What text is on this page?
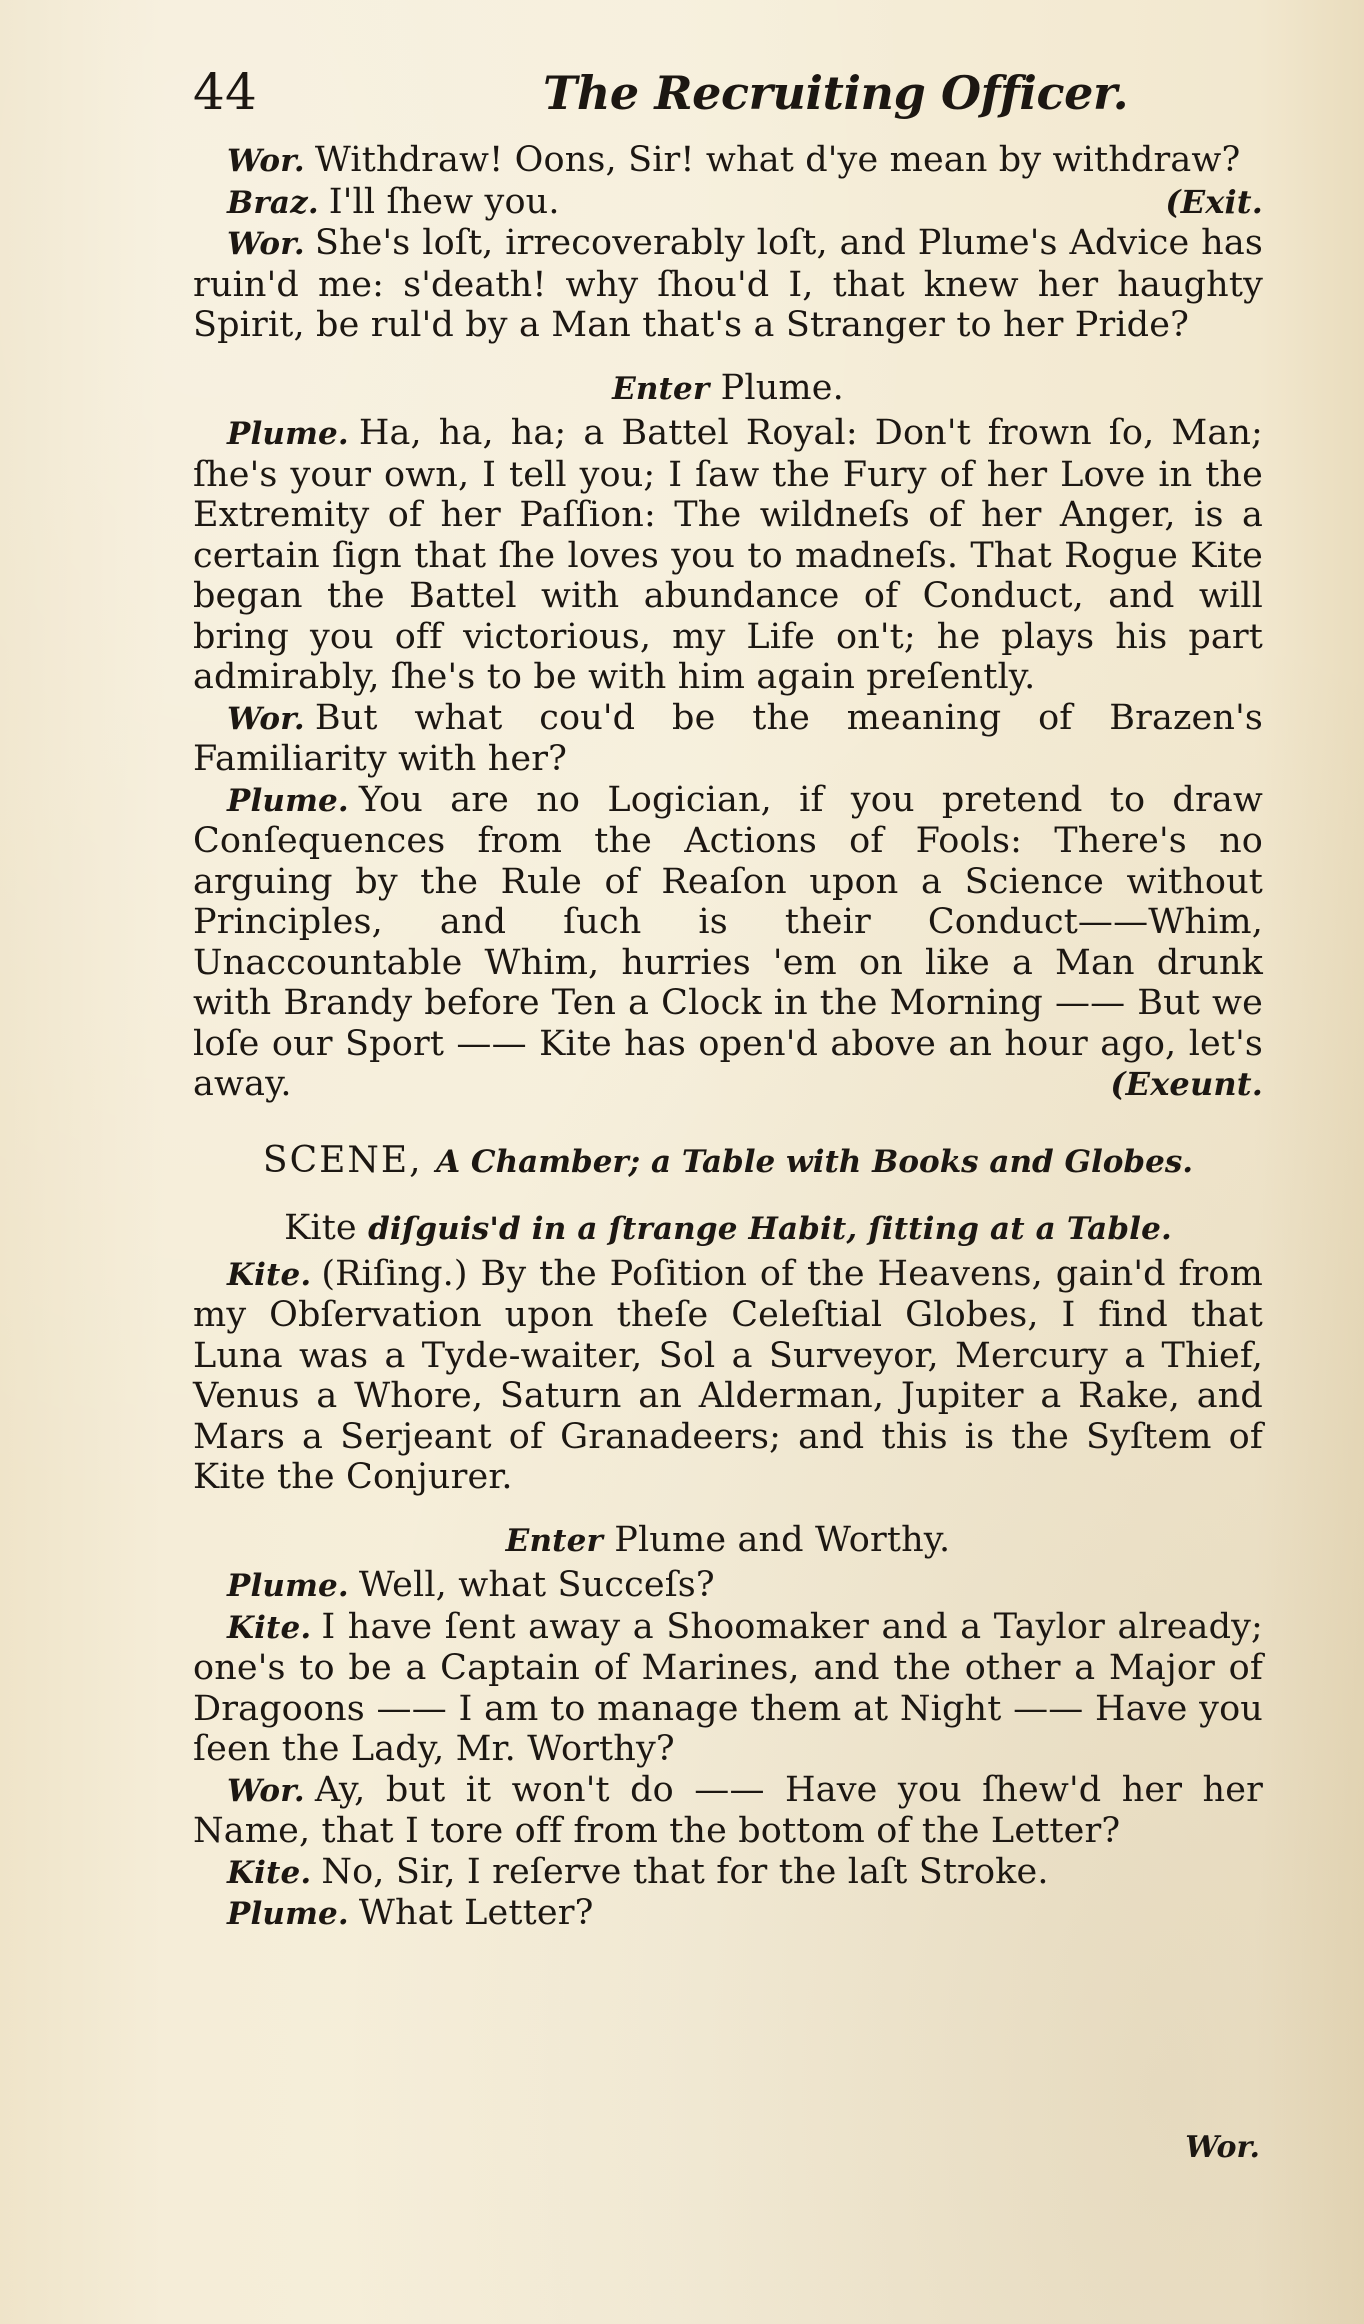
44	The Recruiting Officer.

Wor. Withdraw! Oons, Sir! what d'ye mean by withdraw?

Braz. I'll ſhew you.	(Exit.

Wor. She's loſt, irrecoverably loſt, and Plume's Advice has ruin'd me: s'death! why ſhou'd I, that knew her haughty Spirit, be rul'd by a Man that's a Stranger to her Pride?

Enter Plume.

Plume. Ha, ha, ha; a Battel Royal: Don't frown ſo, Man; ſhe's your own, I tell you; I ſaw the Fury of her Love in the Extremity of her Paſſion: The wildneſs of her Anger, is a certain ſign that ſhe loves you to madneſs. That Rogue Kite began the Battel with abundance of Conduct, and will bring you off victorious, my Life on't; he plays his part admirably, ſhe's to be with him again preſently.

Wor. But what cou'd be the meaning of Brazen's Familiarity with her?

Plume. You are no Logician, if you pretend to draw Conſequences from the Actions of Fools: There's no arguing by the Rule of Reaſon upon a Science without Principles, and ſuch is their Conduct——Whim, Unaccountable Whim, hurries 'em on like a Man drunk with Brandy before Ten a Clock in the Morning —— But we loſe our Sport —— Kite has open'd above an hour ago, let's away.	(Exeunt.

SCENE, A Chamber; a Table with Books and Globes.
Kite diſguis'd in a ſtrange Habit, ſitting at a Table.

Kite. (Riſing.) By the Poſition of the Heavens, gain'd from my Obſervation upon theſe Celeſtial Globes, I find that Luna was a Tyde-waiter, Sol a Surveyor, Mercury a Thief, Venus a Whore, Saturn an Alderman, Jupiter a Rake, and Mars a Serjeant of Granadeers; and this is the Syſtem of Kite the Conjurer.

Enter Plume and Worthy.

Plume. Well, what Succeſs?

Kite. I have ſent away a Shoomaker and a Taylor already; one's to be a Captain of Marines, and the other a Major of Dragoons —— I am to manage them at Night —— Have you ſeen the Lady, Mr. Worthy?

Wor. Ay, but it won't do —— Have you ſhew'd her her Name, that I tore off from the bottom of the Letter?

Kite. No, Sir, I reſerve that for the laſt Stroke.

Plume. What Letter?

Wor.
